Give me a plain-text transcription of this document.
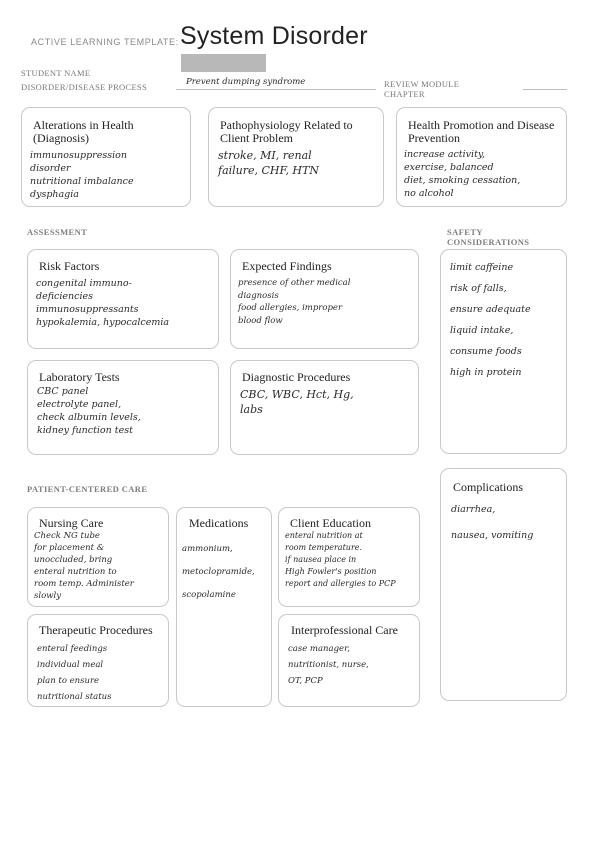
ACTIVE LEARNING TEMPLATE: System Disorder
STUDENT NAME
DISORDER/DISEASE PROCESS	Prevent dumping syndrome	REVIEW MODULE CHAPTER
Alterations in Health (Diagnosis)
immunosuppression
disorder
nutritional imbalance
dysphagia
Pathophysiology Related to Client Problem
stroke, MI, renal
failure, CHF, HTN
Health Promotion and Disease Prevention
increase activity,
exercise, balanced
diet, smoking cessation,
no alcohol
ASSESSMENT	SAFETY CONSIDERATIONS
Risk Factors
congenital immuno-
deficiencies
immunosuppressants
hypokalemia, hypocalcemia
Expected Findings
presence of other medical
diagnosis
food allergies, improper
blood flow
limit caffeine
risk of falls,
ensure adequate
liquid intake,
consume foods
high in protein
Laboratory Tests
CBC panel
electrolyte panel,
check albumin levels,
kidney function test
Diagnostic Procedures
CBC, WBC, Hct, Hg,
labs
PATIENT-CENTERED CARE	Complications
diarrhea,
nausea, vomiting
Nursing Care
Check NG tube
for placement &
unoccluded, bring
enteral nutrition to
room temp. Administer
slowly
Medications
ammonium,
metoclopramide,
scopolamine
Client Education
enteral nutrition at
room temperature.
if nausea place in
High Fowler's position
report and allergies to PCP
Therapeutic Procedures
enteral feedings
individual meal
plan to ensure
nutritional status
Interprofessional Care
case manager,
nutritionist, nurse,
OT, PCP
